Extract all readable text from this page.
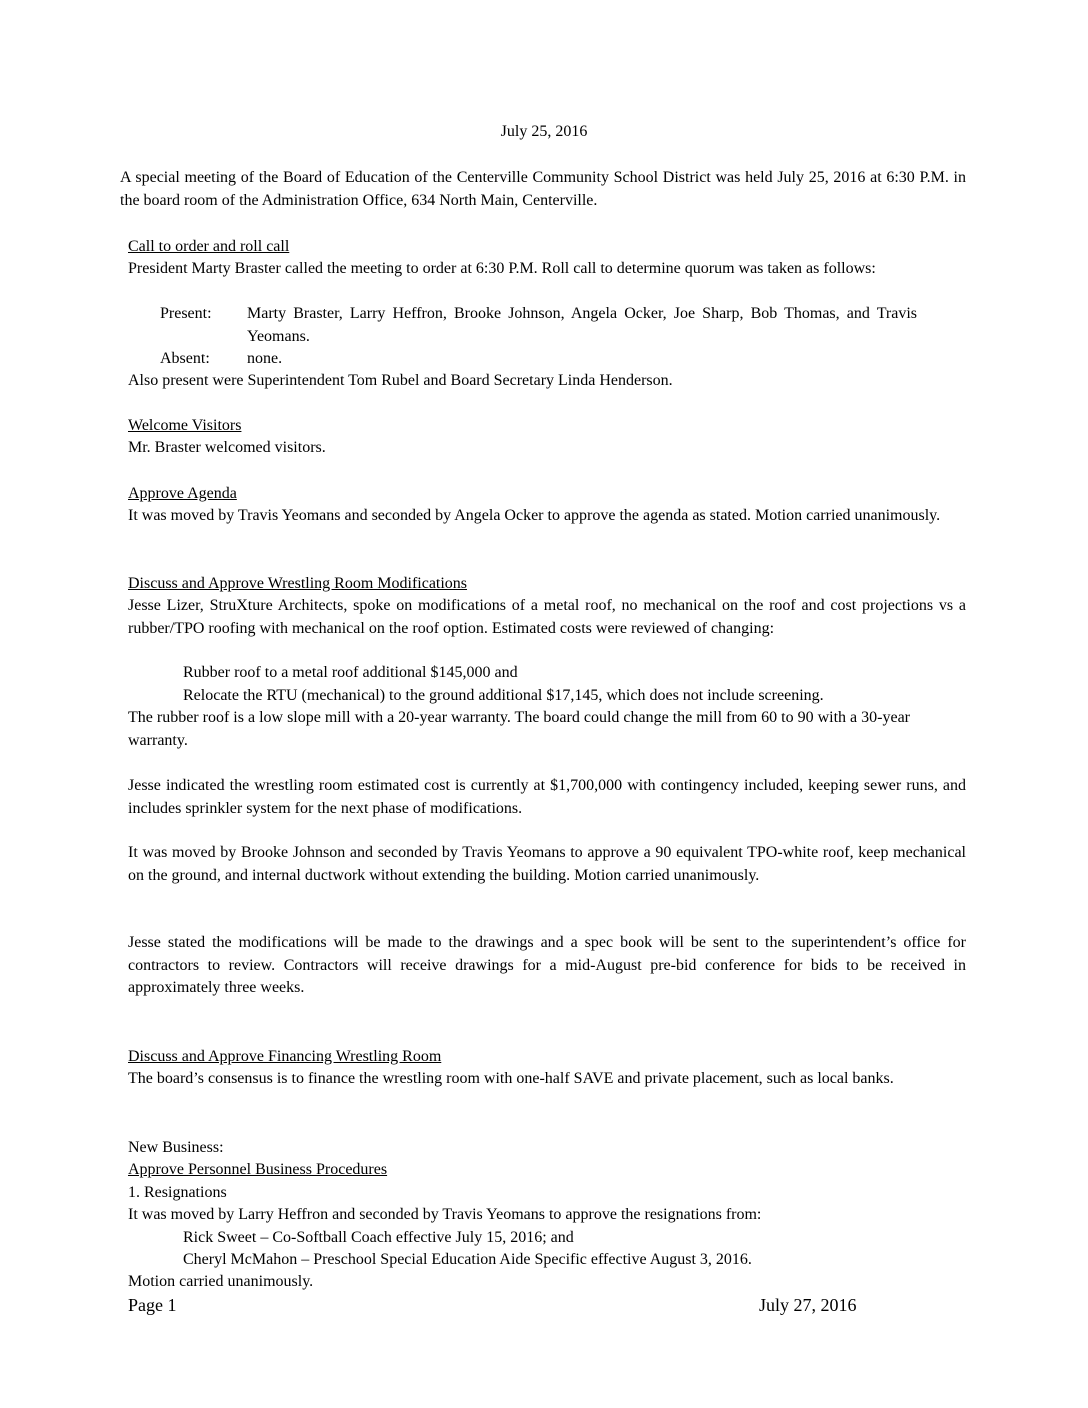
July 25, 2016

A special meeting of the Board of Education of the Centerville Community School District was held July 25, 2016 at 6:30 P.M. in the board room of the Administration Office, 634 North Main, Centerville.

Call to order and roll call

President Marty Braster called the meeting to order at 6:30 P.M. Roll call to determine quorum was taken as follows:

Present: Marty Braster, Larry Heffron, Brooke Johnson, Angela Ocker, Joe Sharp, Bob Thomas, and Travis Yeomans.
Absent: none.

Also present were Superintendent Tom Rubel and Board Secretary Linda Henderson.

Welcome Visitors

Mr. Braster welcomed visitors.

Approve Agenda

It was moved by Travis Yeomans and seconded by Angela Ocker to approve the agenda as stated. Motion carried unanimously.

Discuss and Approve Wrestling Room Modifications

Jesse Lizer, StruXture Architects, spoke on modifications of a metal roof, no mechanical on the roof and cost projections vs a rubber/TPO roofing with mechanical on the roof option. Estimated costs were reviewed of changing:

Rubber roof to a metal roof additional $145,000 and

Relocate the RTU (mechanical) to the ground additional $17,145, which does not include screening.

The rubber roof is a low slope mill with a 20-year warranty. The board could change the mill from 60 to 90 with a 30-year warranty.

Jesse indicated the wrestling room estimated cost is currently at $1,700,000 with contingency included, keeping sewer runs, and includes sprinkler system for the next phase of modifications.

It was moved by Brooke Johnson and seconded by Travis Yeomans to approve a 90 equivalent TPO-white roof, keep mechanical on the ground, and internal ductwork without extending the building. Motion carried unanimously.

Jesse stated the modifications will be made to the drawings and a spec book will be sent to the superintendent’s office for contractors to review. Contractors will receive drawings for a mid-August pre-bid conference for bids to be received in approximately three weeks.

Discuss and Approve Financing Wrestling Room

The board’s consensus is to finance the wrestling room with one-half SAVE and private placement, such as local banks.

New Business:

Approve Personnel Business Procedures

1. Resignations

It was moved by Larry Heffron and seconded by Travis Yeomans to approve the resignations from:

Rick Sweet – Co-Softball Coach effective July 15, 2016; and

Cheryl McMahon – Preschool Special Education Aide Specific effective August 3, 2016.

Motion carried unanimously.

Page 1	July 27, 2016
